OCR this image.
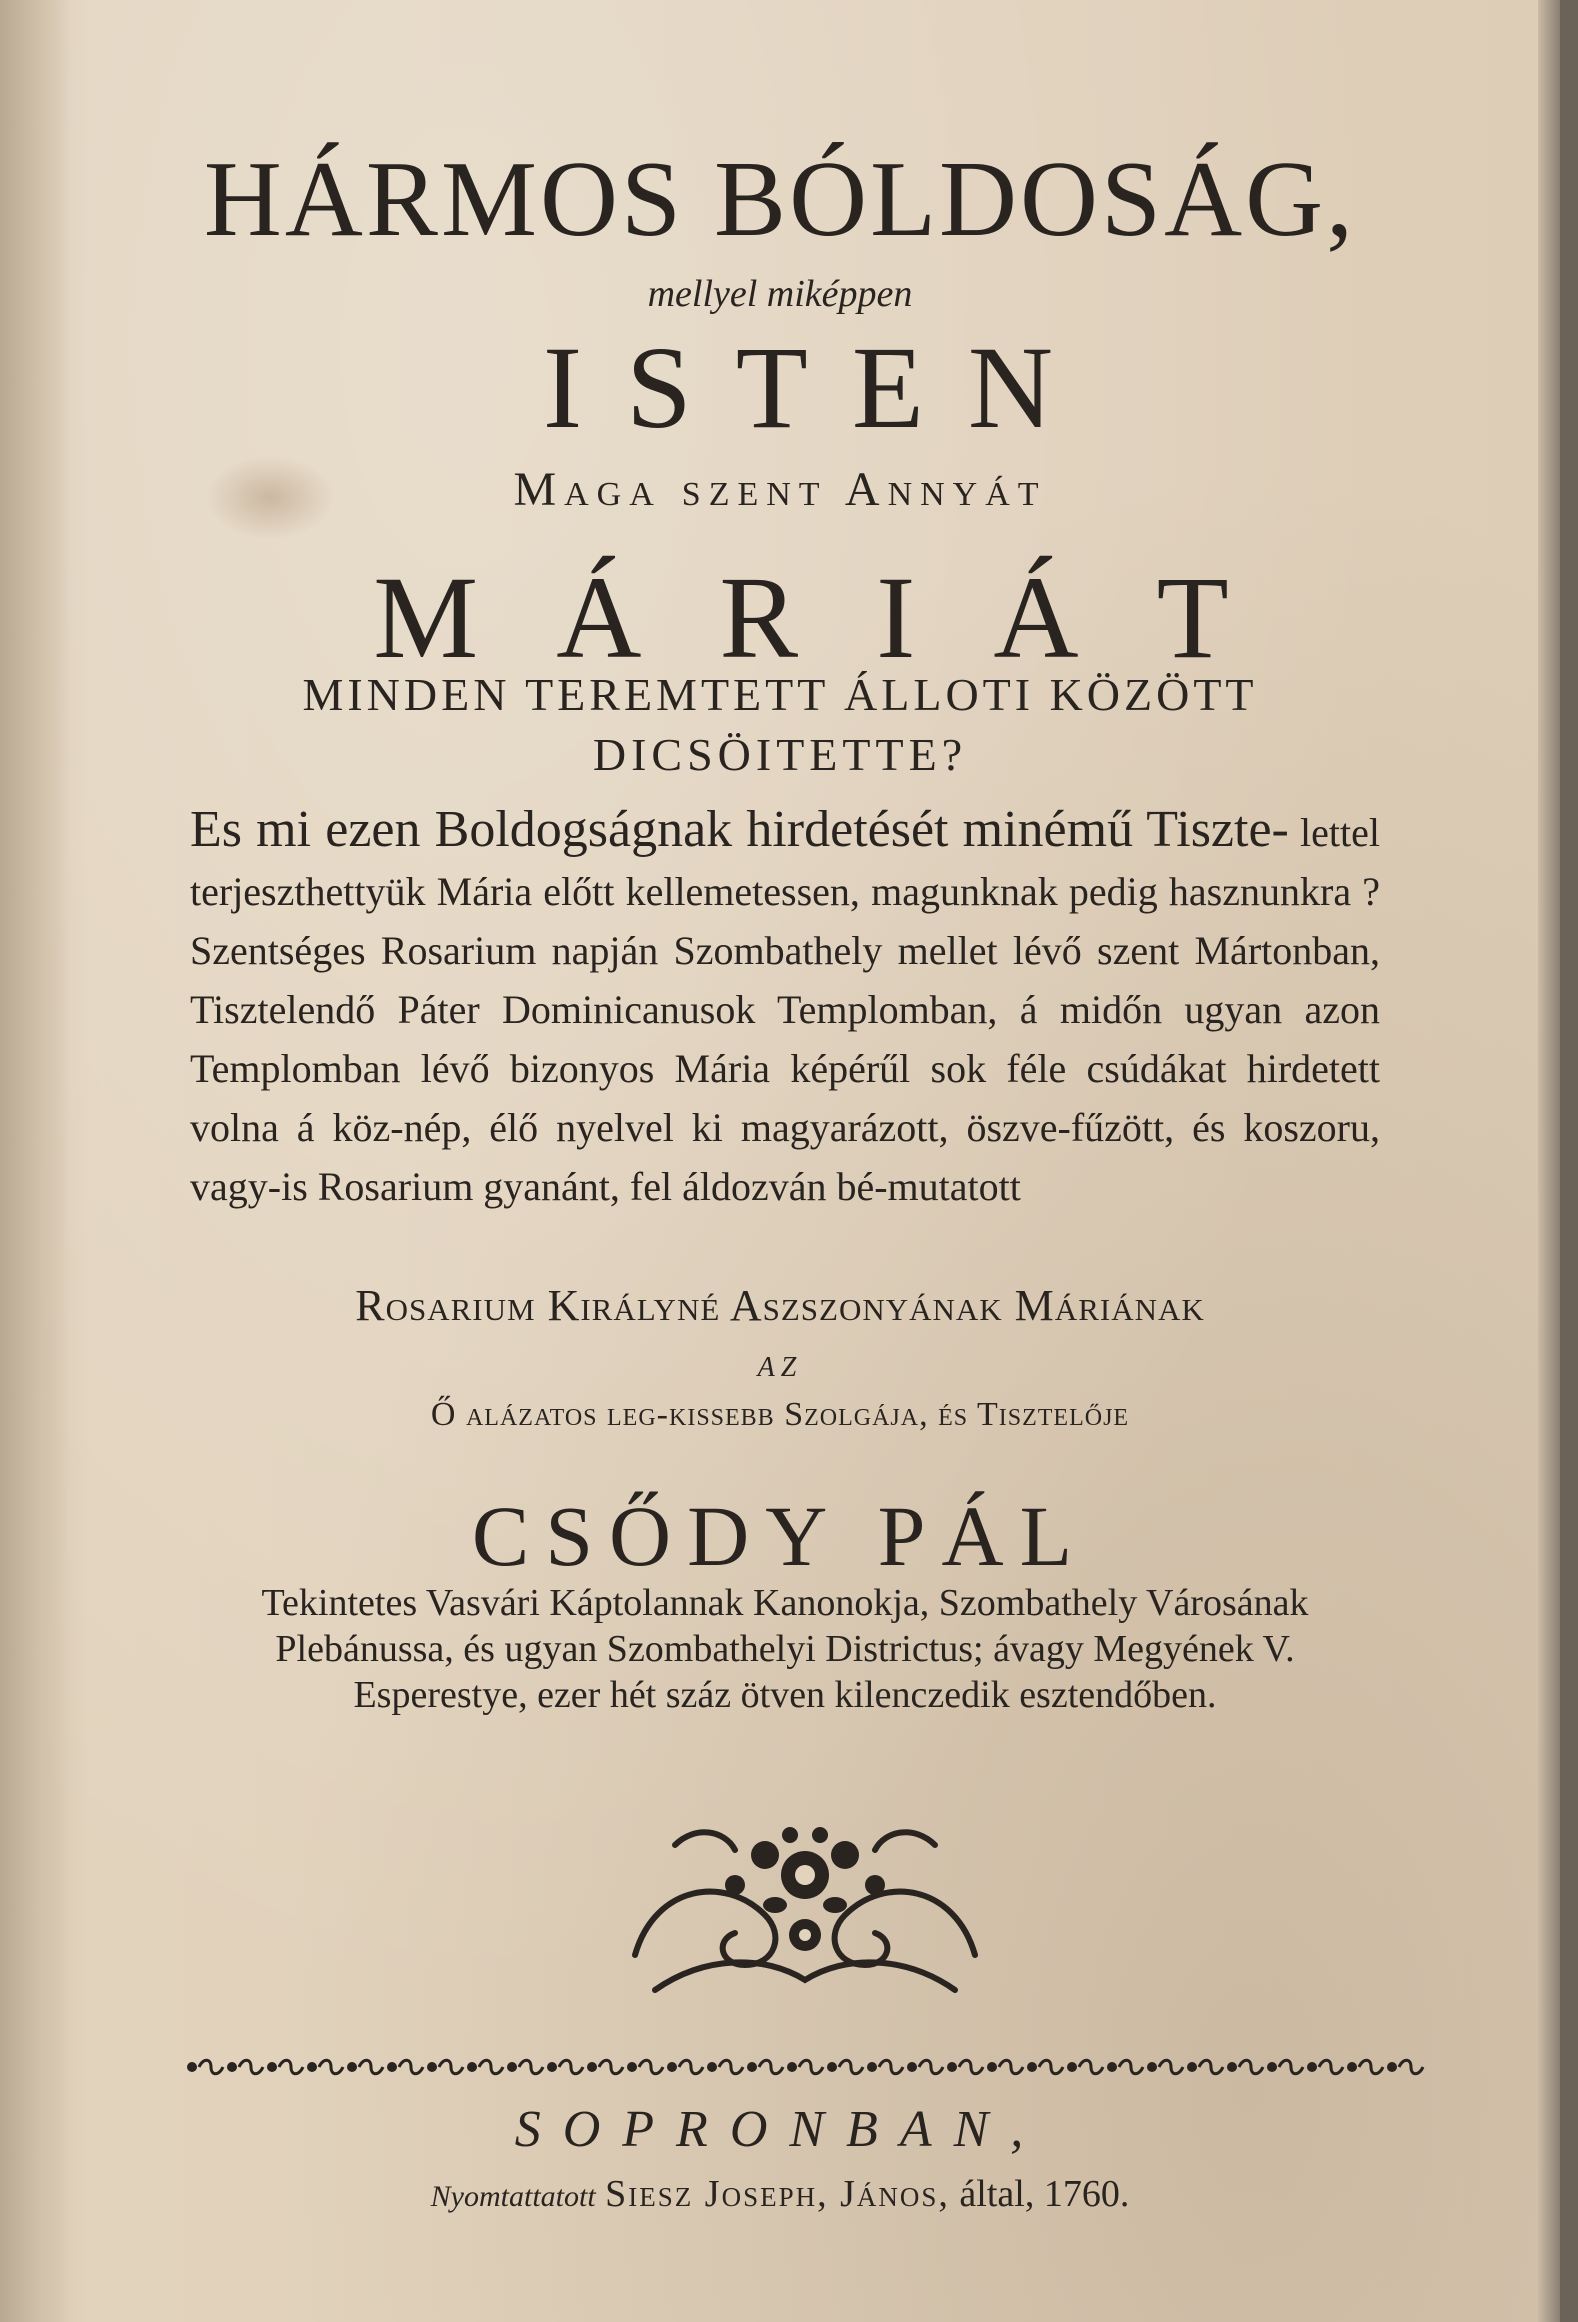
HÁRMOS BÓLDOSÁG,
mellyel miképpen
ISTEN
Maga szent Annyát
MÁRIÁT
MINDEN TEREMTETT ÁLLOTI KÖZÖTT
DICSÖITETTE?
Es mi ezen Boldogságnak hirdetését minémű Tiszte- lettel terjeszthettyük Mária előtt kellemetessen, magunknak pedig hasznunkra ? Szentséges Rosarium napján Szombathely mellet lévő szent Mártonban, Tisztelendő Páter Dominicanusok Templomban, á midőn ugyan azon Templomban lévő bizonyos Mária képérűl sok féle csúdákat hirdetett volna á köz-nép, élő nyelvel ki magyarázott, öszve-fűzött, és koszoru, vagy-is Rosarium gyanánt, fel áldozván bé-mutatott
Rosarium Királyné Aszszonyának Máriának
AZ
Ő alázatos leg-kissebb Szolgája, és Tisztelője
CSŐDY PÁL
Tekintetes Vasvári Káptolannak Kanonokja, Szombathely Városának Plebánussa, és ugyan Szombathelyi Districtus; ávagy Megyének V. Esperestye, ezer hét száz ötven kilenczedik esztendőben.
SOPRONBAN,
Nyomtattatott Siesz Joseph, János, által, 1760.
